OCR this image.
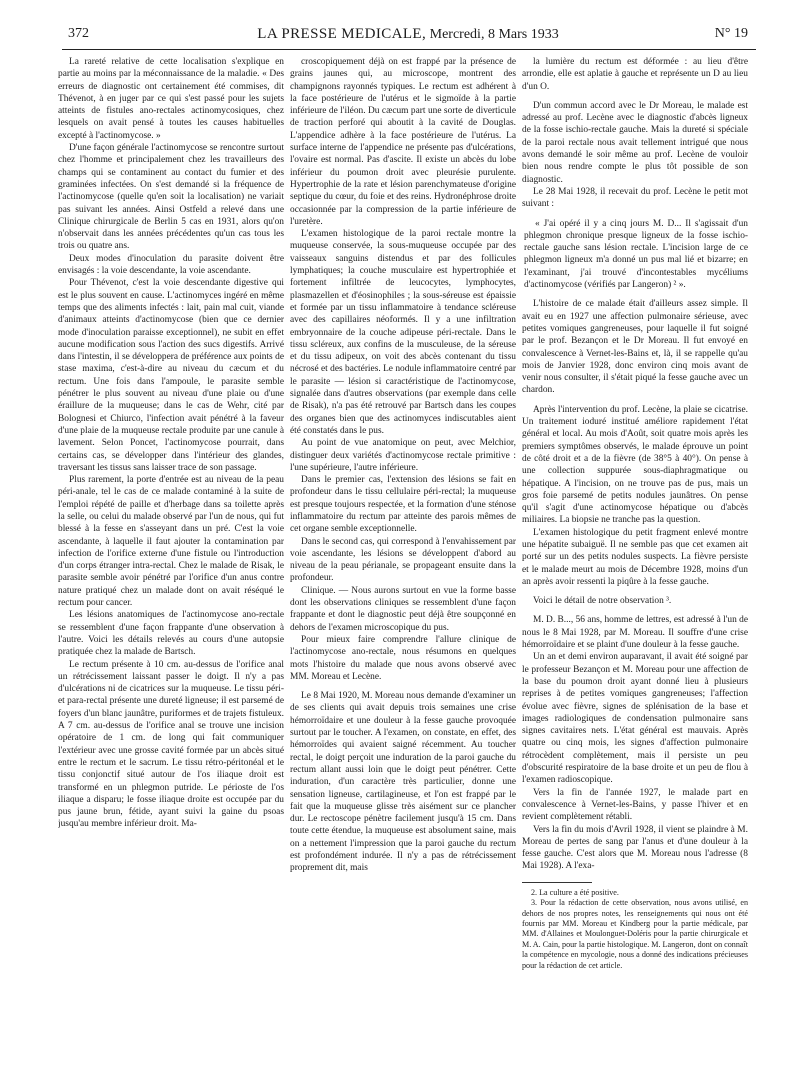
372	LA PRESSE MEDICALE, Mercredi, 8 Mars 1933	N° 19

La rareté relative de cette localisation s'explique en partie au moins par la méconnaissance de la maladie. « Des erreurs de diagnostic ont certainement été commises, dit Thévenot, à en juger par ce qui s'est passé pour les sujets atteints de fistules ano-rectales actinomycosiques, chez lesquels on avait pensé à toutes les causes habituelles excepté à l'actinomycose. »

D'une façon générale l'actinomycose se rencontre surtout chez l'homme et principalement chez les travailleurs des champs qui se contaminent au contact du fumier et des graminées infectées. On s'est demandé si la fréquence de l'actinomycose (quelle qu'en soit la localisation) ne variait pas suivant les années. Ainsi Ostfeld a relevé dans une Clinique chirurgicale de Berlin 5 cas en 1931, alors qu'on n'observait dans les années précédentes qu'un cas tous les trois ou quatre ans.

Deux modes d'inoculation du parasite doivent être envisagés : la voie descendante, la voie ascendante.

Pour Thévenot, c'est la voie descendante digestive qui est le plus souvent en cause. L'actinomyces ingéré en même temps que des aliments infectés : lait, pain mal cuit, viande d'animaux atteints d'actinomycose (bien que ce dernier mode d'inoculation paraisse exceptionnel), ne subit en effet aucune modification sous l'action des sucs digestifs. Arrivé dans l'intestin, il se développera de préférence aux points de stase maxima, c'est-à-dire au niveau du cæcum et du rectum. Une fois dans l'ampoule, le parasite semble pénétrer le plus souvent au niveau d'une plaie ou d'une éraillure de la muqueuse; dans le cas de Wehr, cité par Bolognesi et Chiurco, l'infection avait pénétré à la faveur d'une plaie de la muqueuse rectale produite par une canule à lavement. Selon Poncet, l'actinomycose pourrait, dans certains cas, se développer dans l'intérieur des glandes, traversant les tissus sans laisser trace de son passage.

Plus rarement, la porte d'entrée est au niveau de la peau péri-anale, tel le cas de ce malade contaminé à la suite de l'emploi répété de paille et d'herbage dans sa toilette après la selle, ou celui du malade observé par l'un de nous, qui fut blessé à la fesse en s'asseyant dans un pré. C'est la voie ascendante, à laquelle il faut ajouter la contamination par infection de l'orifice externe d'une fistule ou l'introduction d'un corps étranger intra-rectal. Chez le malade de Risak, le parasite semble avoir pénétré par l'orifice d'un anus contre nature pratiqué chez un malade dont on avait réséqué le rectum pour cancer.

Les lésions anatomiques de l'actinomycose ano-rectale se ressemblent d'une façon frappante d'une observation à l'autre. Voici les détails relevés au cours d'une autopsie pratiquée chez la malade de Bartsch.

Le rectum présente à 10 cm. au-dessus de l'orifice anal un rétrécissement laissant passer le doigt. Il n'y a pas d'ulcérations ni de cicatrices sur la muqueuse. Le tissu péri- et para-rectal présente une dureté ligneuse; il est parsemé de foyers d'un blanc jaunâtre, puriformes et de trajets fistuleux. A 7 cm. au-dessus de l'orifice anal se trouve une incision opératoire de 1 cm. de long qui fait communiquer l'extérieur avec une grosse cavité formée par un abcès situé entre le rectum et le sacrum. Le tissu rétro-péritonéal et le tissu conjonctif situé autour de l'os iliaque droit est transformé en un phlegmon putride. Le périoste de l'os iliaque a disparu; le fosse iliaque droite est occupée par du pus jaune brun, fétide, ayant suivi la gaine du psoas jusqu'au membre inférieur droit. Ma-

croscopiquement déjà on est frappé par la présence de grains jaunes qui, au microscope, montrent des champignons rayonnés typiques. Le rectum est adhérent à la face postérieure de l'utérus et le sigmoïde à la partie inférieure de l'iléon. Du cæcum part une sorte de diverticule de traction perforé qui aboutit à la cavité de Douglas. L'appendice adhère à la face postérieure de l'utérus. La surface interne de l'appendice ne présente pas d'ulcérations, l'ovaire est normal. Pas d'ascite. Il existe un abcès du lobe inférieur du poumon droit avec pleurésie purulente. Hypertrophie de la rate et lésion parenchymateuse d'origine septique du cœur, du foie et des reins. Hydronéphrose droite occasionnée par la compression de la partie inférieure de l'uretère.

L'examen histologique de la paroi rectale montre la muqueuse conservée, la sous-muqueuse occupée par des vaisseaux sanguins distendus et par des follicules lymphatiques; la couche musculaire est hypertrophiée et fortement infiltrée de leucocytes, lymphocytes, plasmazellen et d'éosinophiles ; la sous-séreuse est épaissie et formée par un tissu inflammatoire à tendance scléreuse avec des capillaires néoformés. Il y a une infiltration embryonnaire de la couche adipeuse péri-rectale. Dans le tissu scléreux, aux confins de la musculeuse, de la séreuse et du tissu adipeux, on voit des abcès contenant du tissu nécrosé et des bactéries. Le nodule inflammatoire centré par le parasite — lésion si caractéristique de l'actinomycose, signalée dans d'autres observations (par exemple dans celle de Risak), n'a pas été retrouvé par Bartsch dans les coupes des organes bien que des actinomyces indiscutables aient été constatés dans le pus.

Au point de vue anatomique on peut, avec Melchior, distinguer deux variétés d'actinomycose rectale primitive : l'une supérieure, l'autre inférieure.

Dans le premier cas, l'extension des lésions se fait en profondeur dans le tissu cellulaire péri-rectal; la muqueuse est presque toujours respectée, et la formation d'une sténose inflammatoire du rectum par atteinte des parois mêmes de cet organe semble exceptionnelle.

Dans le second cas, qui correspond à l'envahissement par voie ascendante, les lésions se développent d'abord au niveau de la peau périanale, se propageant ensuite dans la profondeur.

Clinique. — Nous aurons surtout en vue la forme basse dont les observations cliniques se ressemblent d'une façon frappante et dont le diagnostic peut déjà être soupçonné en dehors de l'examen microscopique du pus.

Pour mieux faire comprendre l'allure clinique de l'actinomycose ano-rectale, nous résumons en quelques mots l'histoire du malade que nous avons observé avec MM. Moreau et Lecène.

Le 8 Mai 1920, M. Moreau nous demande d'examiner un de ses clients qui avait depuis trois semaines une crise hémorroïdaire et une douleur à la fesse gauche provoquée surtout par le toucher. A l'examen, on constate, en effet, des hémorroïdes qui avaient saigné récemment. Au toucher rectal, le doigt perçoit une induration de la paroi gauche du rectum allant aussi loin que le doigt peut pénétrer. Cette induration, d'un caractère très particulier, donne une sensation ligneuse, cartilagineuse, et l'on est frappé par le fait que la muqueuse glisse très aisément sur ce plancher dur. Le rectoscope pénètre facilement jusqu'à 15 cm. Dans toute cette étendue, la muqueuse est absolument saine, mais on a nettement l'impression que la paroi gauche du rectum est profondément indurée. Il n'y a pas de rétrécissement proprement dit, mais

la lumière du rectum est déformée : au lieu d'être arrondie, elle est aplatie à gauche et représente un D au lieu d'un O.

D'un commun accord avec le Dr Moreau, le malade est adressé au prof. Lecène avec le diagnostic d'abcès ligneux de la fosse ischio-rectale gauche. Mais la dureté si spéciale de la paroi rectale nous avait tellement intrigué que nous avons demandé le soir même au prof. Lecène de vouloir bien nous rendre compte le plus tôt possible de son diagnostic.

Le 28 Mai 1928, il recevait du prof. Lecène le petit mot suivant :

« J'ai opéré il y a cinq jours M. D... Il s'agissait d'un phlegmon chronique presque ligneux de la fosse ischio-rectale gauche sans lésion rectale. L'incision large de ce phlegmon ligneux m'a donné un pus mal lié et bizarre; en l'examinant, j'ai trouvé d'incontestables mycéliums d'actinomycose (vérifiés par Langeron) ² ».

L'histoire de ce malade était d'ailleurs assez simple. Il avait eu en 1927 une affection pulmonaire sérieuse, avec petites vomiques gangreneuses, pour laquelle il fut soigné par le prof. Bezançon et le Dr Moreau. Il fut envoyé en convalescence à Vernet-les-Bains et, là, il se rappelle qu'au mois de Janvier 1928, donc environ cinq mois avant de venir nous consulter, il s'était piqué la fesse gauche avec un chardon.

Après l'intervention du prof. Lecène, la plaie se cicatrise. Un traitement ioduré institué améliore rapidement l'état général et local. Au mois d'Août, soit quatre mois après les premiers symptômes observés, le malade éprouve un point de côté droit et a de la fièvre (de 38°5 à 40°). On pense à une collection suppurée sous-diaphragmatique ou hépatique. A l'incision, on ne trouve pas de pus, mais un gros foie parsemé de petits nodules jaunâtres. On pense qu'il s'agit d'une actinomycose hépatique ou d'abcès miliaires. La biopsie ne tranche pas la question.

L'examen histologique du petit fragment enlevé montre une hépatite subaiguë. Il ne semble pas que cet examen ait porté sur un des petits nodules suspects. La fièvre persiste et le malade meurt au mois de Décembre 1928, moins d'un an après avoir ressenti la piqûre à la fesse gauche.

Voici le détail de notre observation ³.

M. D. B..., 56 ans, homme de lettres, est adressé à l'un de nous le 8 Mai 1928, par M. Moreau. Il souffre d'une crise hémorroïdaire et se plaint d'une douleur à la fesse gauche.

Un an et demi environ auparavant, il avait été soigné par le professeur Bezançon et M. Moreau pour une affection de la base du poumon droit ayant donné lieu à plusieurs reprises à de petites vomiques gangreneuses; l'affection évolue avec fièvre, signes de splénisation de la base et images radiologiques de condensation pulmonaire sans signes cavitaires nets. L'état général est mauvais. Après quatre ou cinq mois, les signes d'affection pulmonaire rétrocèdent complètement, mais il persiste un peu d'obscurité respiratoire de la base droite et un peu de flou à l'examen radioscopique.

Vers la fin de l'année 1927, le malade part en convalescence à Vernet-les-Bains, y passe l'hiver et en revient complètement rétabli.

Vers la fin du mois d'Avril 1928, il vient se plaindre à M. Moreau de pertes de sang par l'anus et d'une douleur à la fesse gauche. C'est alors que M. Moreau nous l'adresse (8 Mai 1928). A l'exa-

2. La culture a été positive.

3. Pour la rédaction de cette observation, nous avons utilisé, en dehors de nos propres notes, les renseignements qui nous ont été fournis par MM. Moreau et Kindberg pour la partie médicale, par MM. d'Allaines et Moulonguet-Doléris pour la partie chirurgicale et M. A. Cain, pour la partie histologique. M. Langeron, dont on connaît la compétence en mycologie, nous a donné des indications précieuses pour la rédaction de cet article.
